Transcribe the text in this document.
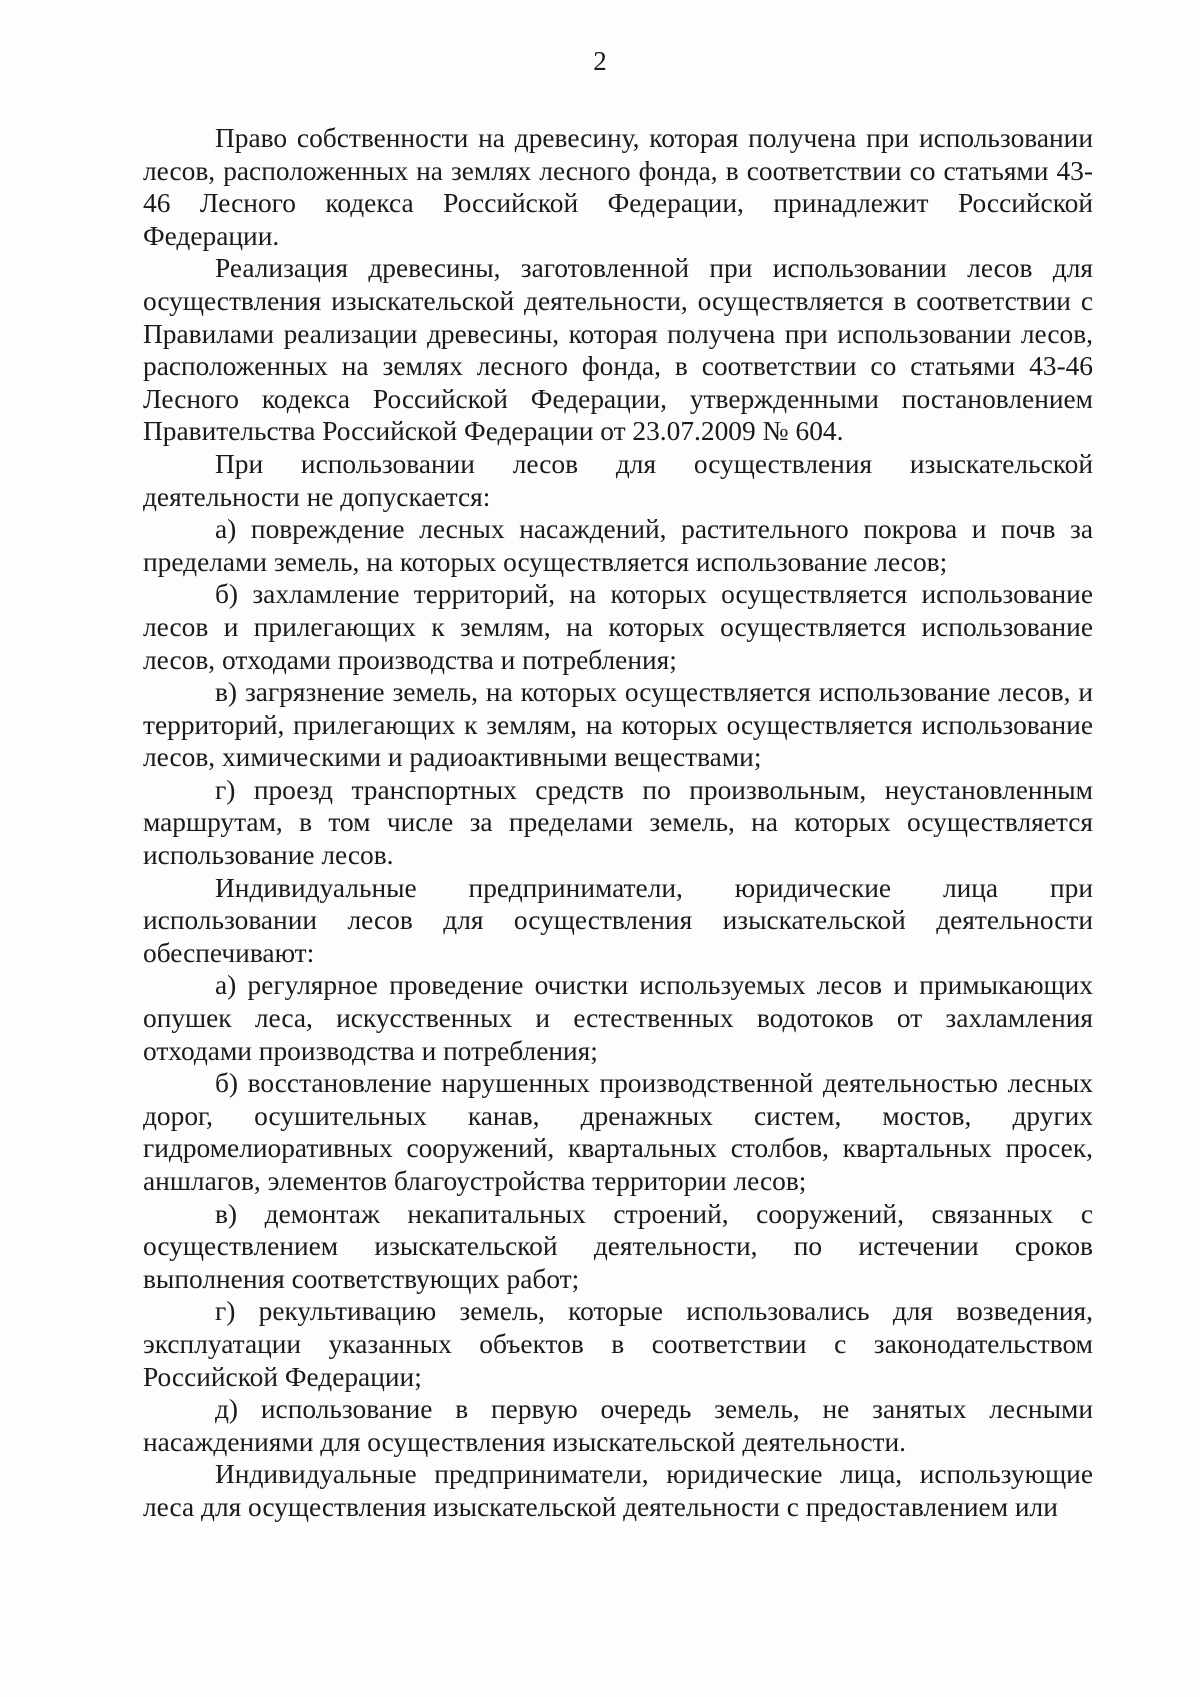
2

Право собственности на древесину, которая получена при использовании лесов, расположенных на землях лесного фонда, в соответствии со статьями 43-46 Лесного кодекса Российской Федерации, принадлежит Российской Федерации.

Реализация древесины, заготовленной при использовании лесов для осуществления изыскательской деятельности, осуществляется в соответствии с Правилами реализации древесины, которая получена при использовании лесов, расположенных на землях лесного фонда, в соответствии со статьями 43-46 Лесного кодекса Российской Федерации, утвержденными постановлением Правительства Российской Федерации от 23.07.2009 № 604.

При использовании лесов для осуществления изыскательской деятельности не допускается:

а) повреждение лесных насаждений, растительного покрова и почв за пределами земель, на которых осуществляется использование лесов;

б) захламление территорий, на которых осуществляется использование лесов и прилегающих к землям, на которых осуществляется использование лесов, отходами производства и потребления;

в) загрязнение земель, на которых осуществляется использование лесов, и территорий, прилегающих к землям, на которых осуществляется использование лесов, химическими и радиоактивными веществами;

г) проезд транспортных средств по произвольным, неустановленным маршрутам, в том числе за пределами земель, на которых осуществляется использование лесов.

Индивидуальные предприниматели, юридические лица при использовании лесов для осуществления изыскательской деятельности обеспечивают:

а) регулярное проведение очистки используемых лесов и примыкающих опушек леса, искусственных и естественных водотоков от захламления отходами производства и потребления;

б) восстановление нарушенных производственной деятельностью лесных дорог, осушительных канав, дренажных систем, мостов, других гидромелиоративных сооружений, квартальных столбов, квартальных просек, аншлагов, элементов благоустройства территории лесов;

в) демонтаж некапитальных строений, сооружений, связанных с осуществлением изыскательской деятельности, по истечении сроков выполнения соответствующих работ;

г) рекультивацию земель, которые использовались для возведения, эксплуатации указанных объектов в соответствии с законодательством Российской Федерации;

д) использование в первую очередь земель, не занятых лесными насаждениями для осуществления изыскательской деятельности.

Индивидуальные предприниматели, юридические лица, использующие леса для осуществления изыскательской деятельности с предоставлением или
